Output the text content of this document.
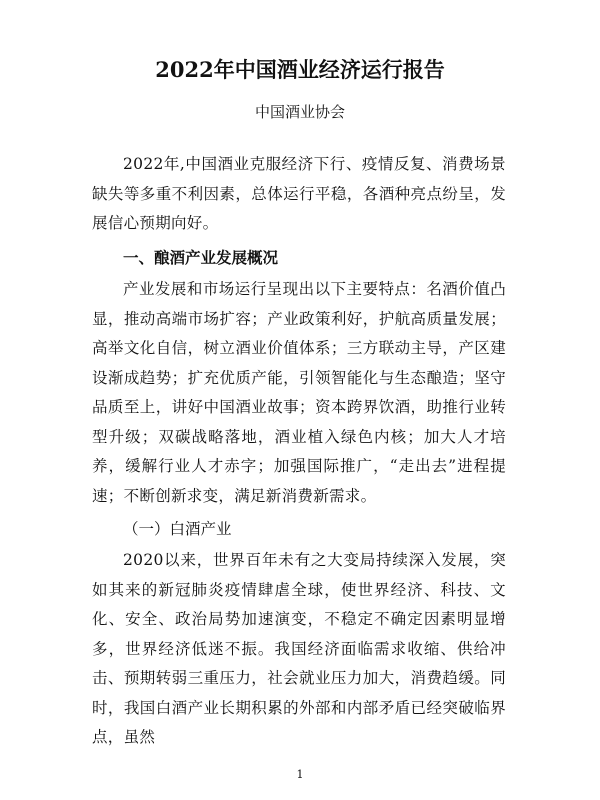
2022年中国酒业经济运行报告
中国酒业协会
2022年,中国酒业克服经济下行、疫情反复、消费场景缺失等多重不利因素，总体运行平稳，各酒种亮点纷呈，发展信心预期向好。
一、酿酒产业发展概况
产业发展和市场运行呈现出以下主要特点：名酒价值凸显，推动高端市场扩容；产业政策利好，护航高质量发展；高举文化自信，树立酒业价值体系；三方联动主导，产区建设渐成趋势；扩充优质产能，引领智能化与生态酿造；坚守品质至上，讲好中国酒业故事；资本跨界饮酒，助推行业转型升级；双碳战略落地，酒业植入绿色内核；加大人才培养，缓解行业人才赤字；加强国际推广，“走出去”进程提速；不断创新求变，满足新消费新需求。
（一）白酒产业
2020以来，世界百年未有之大变局持续深入发展，突如其来的新冠肺炎疫情肆虐全球，使世界经济、科技、文化、安全、政治局势加速演变，不稳定不确定因素明显增多，世界经济低迷不振。我国经济面临需求收缩、供给冲击、预期转弱三重压力，社会就业压力加大，消费趋缓。同时，我国白酒产业长期积累的外部和内部矛盾已经突破临界点，虽然
1
